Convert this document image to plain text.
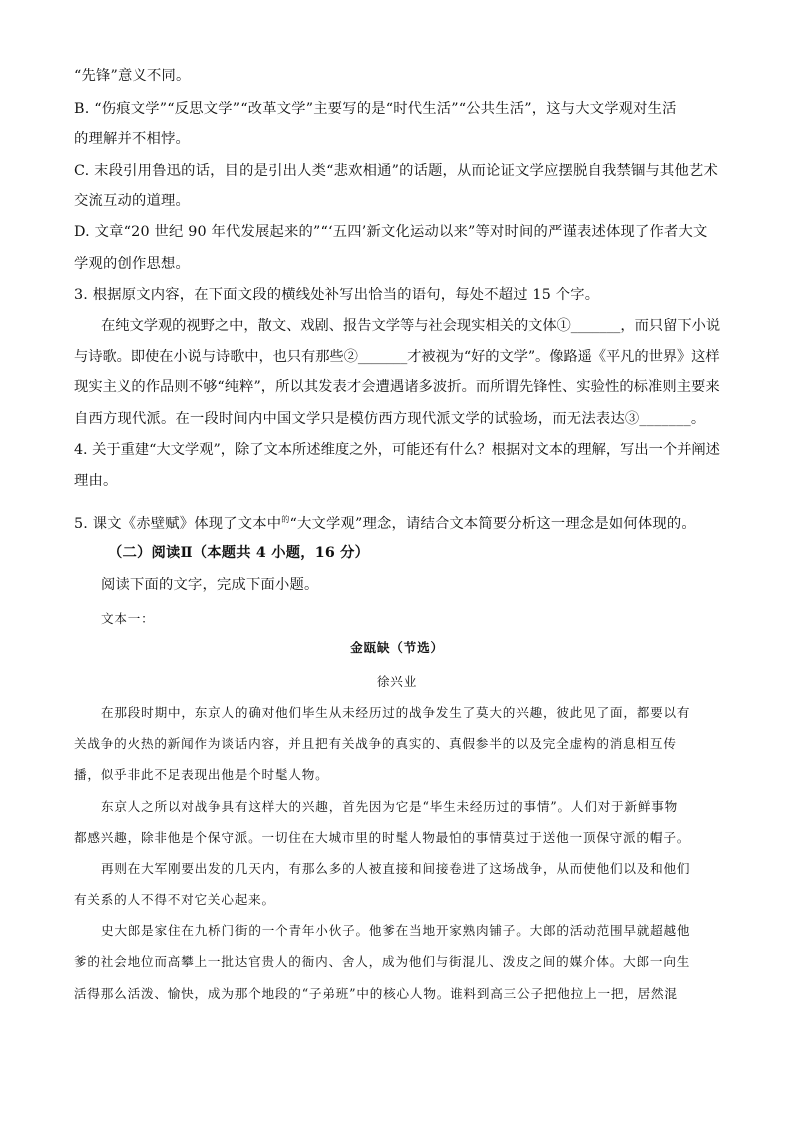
“先锋”意义不同。
B. “伤痕文学”“反思文学”“改革文学”主要写的是“时代生活”“公共生活”，这与大文学观对生活
的理解并不相悖。
C. 末段引用鲁迅的话，目的是引出人类“悲欢相通”的话题，从而论证文学应摆脱自我禁锢与其他艺术
交流互动的道理。
D. 文章“20 世纪 90 年代发展起来的”“‘五四’新文化运动以来”等对时间的严谨表述体现了作者大文
学观的创作思想。
3. 根据原文内容，在下面文段的横线处补写出恰当的语句，每处不超过 15 个字。
在纯文学观的视野之中，散文、戏剧、报告文学等与社会现实相关的文体①_______，而只留下小说
与诗歌。即使在小说与诗歌中，也只有那些②_______才被视为“好的文学”。像路遥《平凡的世界》这样
现实主义的作品则不够“纯粹”，所以其发表才会遭遇诸多波折。而所谓先锋性、实验性的标准则主要来
自西方现代派。在一段时间内中国文学只是模仿西方现代派文学的试验场，而无法表达③_______。
4. 关于重建“大文学观”，除了文本所述维度之外，可能还有什么？根据对文本的理解，写出一个并阐述
理由。
5. 课文《赤壁赋》体现了文本中$^的$“大文学观”理念，请结合文本简要分析这一理念是如何体现的。
（二）阅读Ⅱ（本题共 4 小题，16 分）
阅读下面的文字，完成下面小题。
文本一：
金瓯缺（节选）
徐兴业
在那段时期中，东京人的确对他们毕生从未经历过的战争发生了莫大的兴趣，彼此见了面，都要以有
关战争的火热的新闻作为谈话内容，并且把有关战争的真实的、真假参半的以及完全虚构的消息相互传
播，似乎非此不足表现出他是个时髦人物。
东京人之所以对战争具有这样大的兴趣，首先因为它是“毕生未经历过的事情”。人们对于新鲜事物
都感兴趣，除非他是个保守派。一切住在大城市里的时髦人物最怕的事情莫过于送他一顶保守派的帽子。
再则在大军刚要出发的几天内，有那么多的人被直接和间接卷进了这场战争，从而使他们以及和他们
有关系的人不得不对它关心起来。
史大郎是家住在九桥门街的一个青年小伙子。他爹在当地开家熟肉铺子。大郎的活动范围早就超越他
爹的社会地位而高攀上一批达官贵人的衙内、舍人，成为他们与街混儿、泼皮之间的媒介体。大郎一向生
活得那么活泼、愉快，成为那个地段的“子弟班”中的核心人物。谁料到高三公子把他拉上一把，居然混
